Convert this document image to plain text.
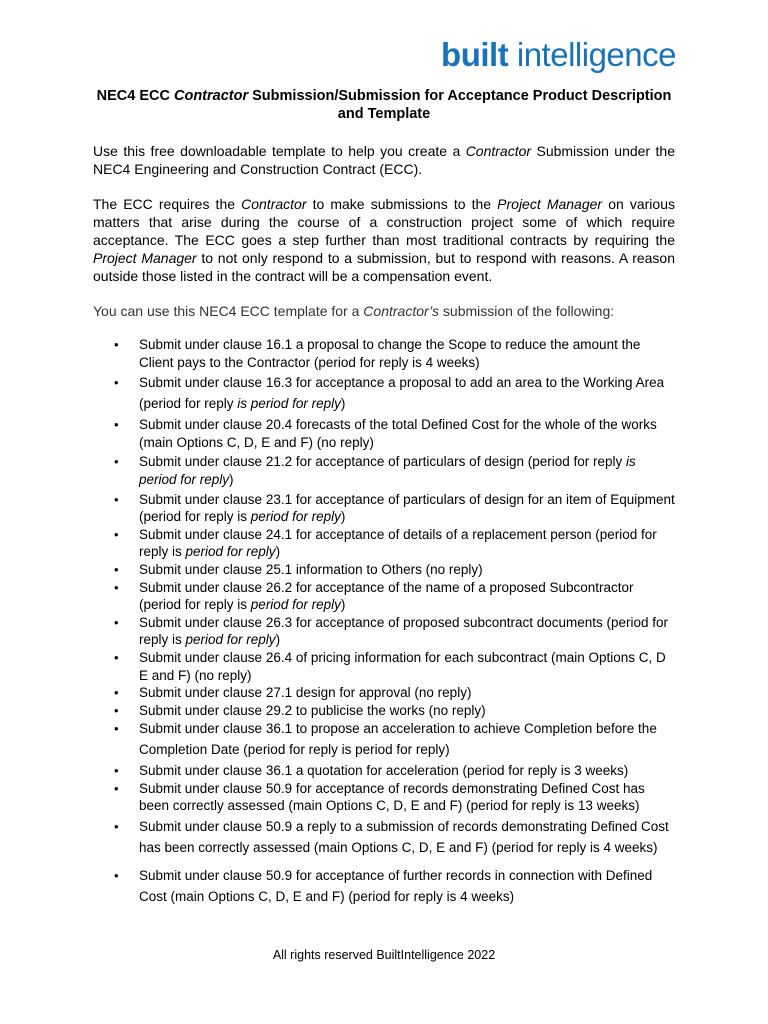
built intelligence
NEC4 ECC Contractor Submission/Submission for Acceptance Product Description and Template
Use this free downloadable template to help you create a Contractor Submission under the NEC4 Engineering and Construction Contract (ECC).
The ECC requires the Contractor to make submissions to the Project Manager on various matters that arise during the course of a construction project some of which require acceptance. The ECC goes a step further than most traditional contracts by requiring the Project Manager to not only respond to a submission, but to respond with reasons. A reason outside those listed in the contract will be a compensation event.
You can use this NEC4 ECC template for a Contractor’s submission of the following:
• Submit under clause 16.1 a proposal to change the Scope to reduce the amount the Client pays to the Contractor (period for reply is 4 weeks)
• Submit under clause 16.3 for acceptance a proposal to add an area to the Working Area (period for reply is period for reply)
• Submit under clause 20.4 forecasts of the total Defined Cost for the whole of the works (main Options C, D, E and F) (no reply)
• Submit under clause 21.2 for acceptance of particulars of design (period for reply is period for reply)
• Submit under clause 23.1 for acceptance of particulars of design for an item of Equipment (period for reply is period for reply)
• Submit under clause 24.1 for acceptance of details of a replacement person (period for reply is period for reply)
• Submit under clause 25.1 information to Others (no reply)
• Submit under clause 26.2 for acceptance of the name of a proposed Subcontractor (period for reply is period for reply)
• Submit under clause 26.3 for acceptance of proposed subcontract documents (period for reply is period for reply)
• Submit under clause 26.4 of pricing information for each subcontract (main Options C, D E and F) (no reply)
• Submit under clause 27.1 design for approval (no reply)
• Submit under clause 29.2 to publicise the works (no reply)
• Submit under clause 36.1 to propose an acceleration to achieve Completion before the Completion Date (period for reply is period for reply)
• Submit under clause 36.1 a quotation for acceleration (period for reply is 3 weeks)
• Submit under clause 50.9 for acceptance of records demonstrating Defined Cost has been correctly assessed (main Options C, D, E and F) (period for reply is 13 weeks)
• Submit under clause 50.9 a reply to a submission of records demonstrating Defined Cost has been correctly assessed (main Options C, D, E and F) (period for reply is 4 weeks)
• Submit under clause 50.9 for acceptance of further records in connection with Defined Cost (main Options C, D, E and F) (period for reply is 4 weeks)
All rights reserved BuiltIntelligence 2022
